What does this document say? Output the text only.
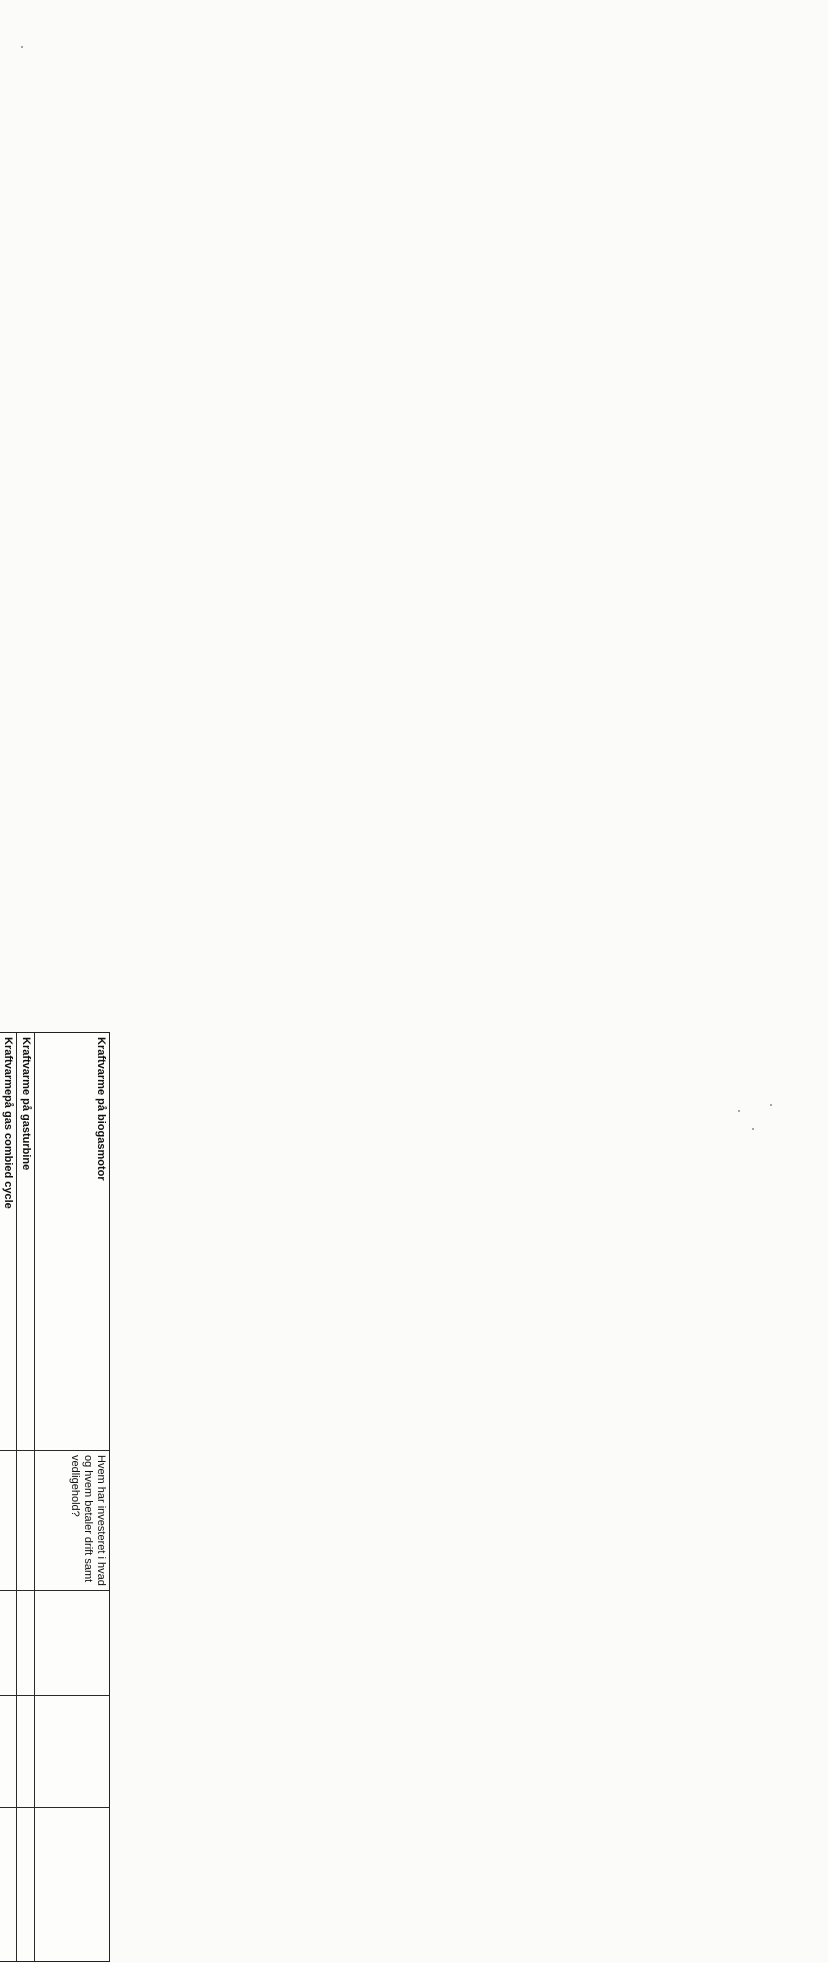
Kraftvarme på biogasmotor
Hvem har investeret i hvad og hvem betaler drift samt vedligehold?
Kraftvarme på gasturbine
Kraftvarmepå gas combied cycle
